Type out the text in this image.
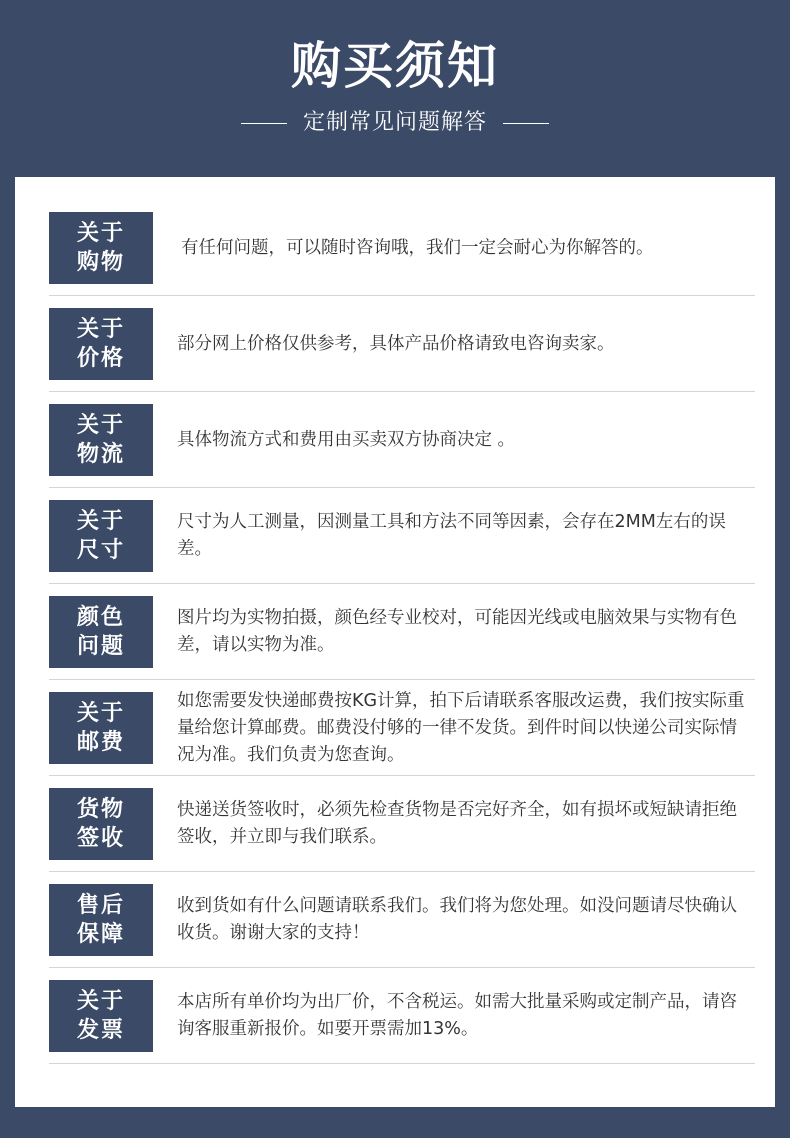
购买须知
定制常见问题解答
关于
购物
有任何问题，可以随时咨询哦，我们一定会耐心为你解答的。
关于
价格
部分网上价格仅供参考，具体产品价格请致电咨询卖家。
关于
物流
具体物流方式和费用由买卖双方协商决定 。
关于
尺寸
尺寸为人工测量，因测量工具和方法不同等因素，会存在2MM左右的误差。
颜色
问题
图片均为实物拍摄，颜色经专业校对，可能因光线或电脑效果与实物有色差，请以实物为准。
关于
邮费
如您需要发快递邮费按KG计算，拍下后请联系客服改运费，我们按实际重量给您计算邮费。邮费没付够的一律不发货。到件时间以快递公司实际情况为准。我们负责为您查询。
货物
签收
快递送货签收时，必须先检查货物是否完好齐全，如有损坏或短缺请拒绝签收，并立即与我们联系。
售后
保障
收到货如有什么问题请联系我们。我们将为您处理。如没问题请尽快确认收货。谢谢大家的支持！
关于
发票
本店所有单价均为出厂价，不含税运。如需大批量采购或定制产品，请咨询客服重新报价。如要开票需加13%。
